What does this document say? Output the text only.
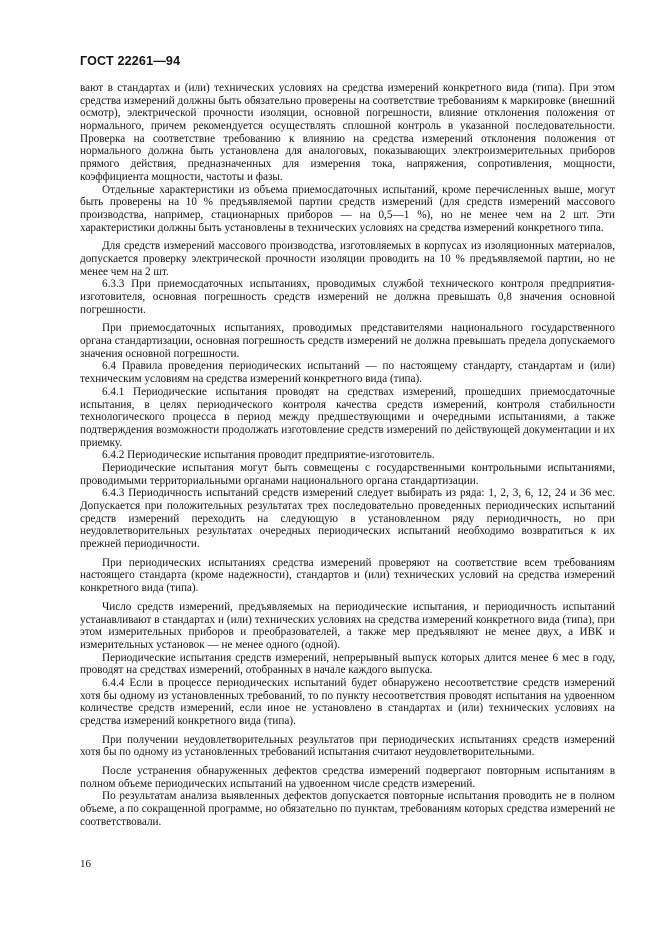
ГОСТ 22261—94

вают в стандартах и (или) технических условиях на средства измерений конкретного вида (типа). При этом средства измерений должны быть обязательно проверены на соответствие требованиям к маркировке (внешний осмотр), электрической прочности изоляции, основной погрешности, влияние отклонения положения от нормального, причем рекомендуется осуществлять сплошной контроль в указанной последовательности. Проверка на соответствие требованию к влиянию на средства измерений отклонения положения от нормального должна быть установлена для аналоговых, показывающих электроизмерительных приборов прямого действия, предназначенных для измерения тока, напряжения, сопротивления, мощности, коэффициента мощности, частоты и фазы.

Отдельные характеристики из объема приемосдаточных испытаний, кроме перечисленных выше, могут быть проверены на 10 % предъявляемой партии средств измерений (для средств измерений массового производства, например, стационарных приборов — на 0,5—1 %), но не менее чем на 2 шт. Эти характеристики должны быть установлены в технических условиях на средства измерений конкретного типа.

Для средств измерений массового производства, изготовляемых в корпусах из изоляционных материалов, допускается проверку электрической прочности изоляции проводить на 10 % предъявляемой партии, но не менее чем на 2 шт.

6.3.3 При приемосдаточных испытаниях, проводимых службой технического контроля предприятия-изготовителя, основная погрешность средств измерений не должна превышать 0,8 значения основной погрешности.

При приемосдаточных испытаниях, проводимых представителями национального государственного органа стандартизации, основная погрешность средств измерений не должна превышать предела допускаемого значения основной погрешности.

6.4 Правила проведения периодических испытаний — по настоящему стандарту, стандартам и (или) техническим условиям на средства измерений конкретного вида (типа).

6.4.1 Периодические испытания проводят на средствах измерений, прошедших приемосдаточные испытания, в целях периодического контроля качества средств измерений, контроля стабильности технологического процесса в период между предшествующими и очередными испытаниями, а также подтверждения возможности продолжать изготовление средств измерений по действующей документации и их приемку.

6.4.2 Периодические испытания проводит предприятие-изготовитель.

Периодические испытания могут быть совмещены с государственными контрольными испытаниями, проводимыми территориальными органами национального органа стандартизации.

6.4.3 Периодичность испытаний средств измерений следует выбирать из ряда: 1, 2, 3, 6, 12, 24 и 36 мес. Допускается при положительных результатах трех последовательно проведенных периодических испытаний средств измерений переходить на следующую в установленном ряду периодичность, но при неудовлетворительных результатах очередных периодических испытаний необходимо возвратиться к их прежней периодичности.

При периодических испытаниях средства измерений проверяют на соответствие всем требованиям настоящего стандарта (кроме надежности), стандартов и (или) технических условий на средства измерений конкретного вида (типа).

Число средств измерений, предъявляемых на периодические испытания, и периодичность испытаний устанавливают в стандартах и (или) технических условиях на средства измерений конкретного вида (типа), при этом измерительных приборов и преобразователей, а также мер предъявляют не менее двух, а ИВК и измерительных установок — не менее одного (одной).

Периодические испытания средств измерений, непрерывный выпуск которых длится менее 6 мес в году, проводят на средствах измерений, отобранных в начале каждого выпуска.

6.4.4 Если в процессе периодических испытаний будет обнаружено несоответствие средств измерений хотя бы одному из установленных требований, то по пункту несоответствия проводят испытания на удвоенном количестве средств измерений, если иное не установлено в стандартах и (или) технических условиях на средства измерений конкретного вида (типа).

При получении неудовлетворительных результатов при периодических испытаниях средств измерений хотя бы по одному из установленных требований испытания считают неудовлетворительными.

После устранения обнаруженных дефектов средства измерений подвергают повторным испытаниям в полном объеме периодических испытаний на удвоенном числе средств измерений.

По результатам анализа выявленных дефектов допускается повторные испытания проводить не в полном объеме, а по сокращенной программе, но обязательно по пунктам, требованиям которых средства измерений не соответствовали.

16
